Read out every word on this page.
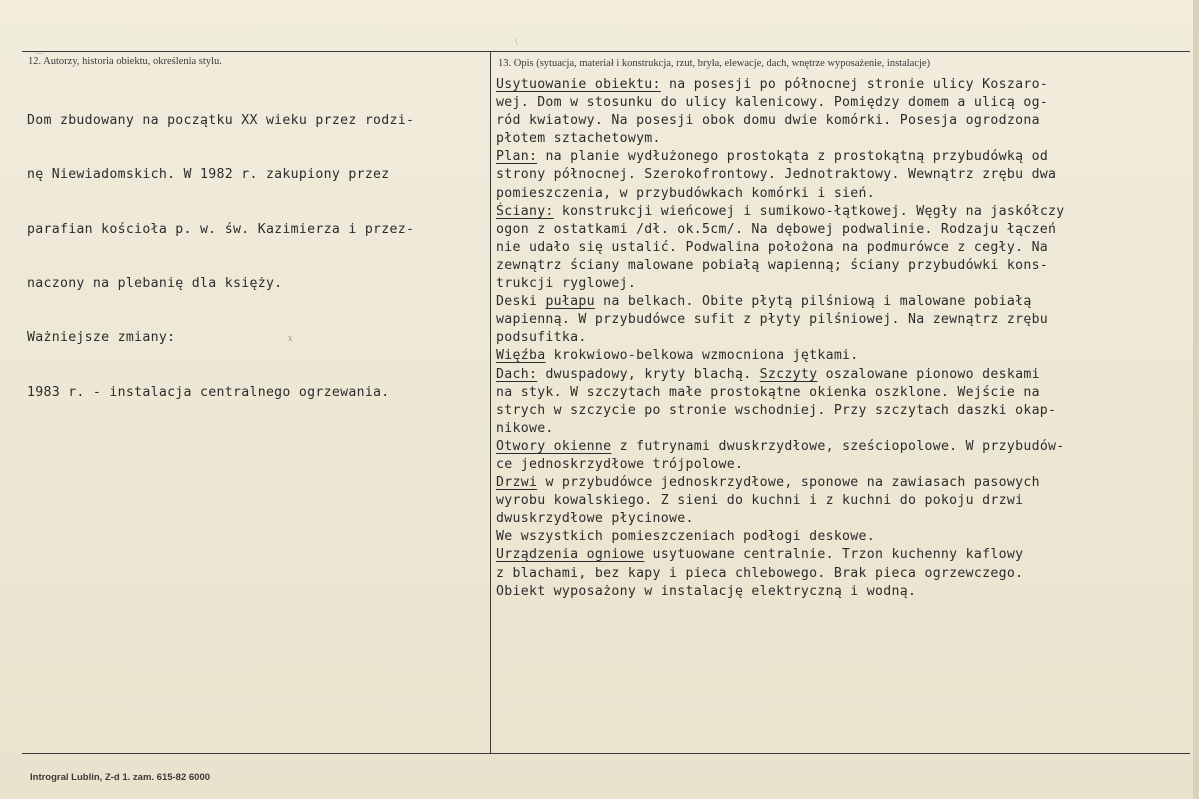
‿
\
x
12. Autorzy, historia obiektu, określenia stylu.	13. Opis (sytuacja, materiał i konstrukcja, rzut, bryła, elewacje, dach, wnętrze wyposażenie, instalacje)

Dom zbudowany na początku XX wieku przez rodzi-

nę Niewiadomskich. W 1982 r. zakupiony przez

parafian kościoła p. w. św. Kazimierza i przez-

naczony na plebanię dla księży.

Ważniejsze zmiany:

1983 r. - instalacja centralnego ogrzewania.

Usytuowanie obiektu: na posesji po północnej stronie ulicy Koszaro-
wej. Dom w stosunku do ulicy kalenicowy. Pomiędzy domem a ulicą og-
ród kwiatowy. Na posesji obok domu dwie komórki. Posesja ogrodzona
płotem sztachetowym.
Plan: na planie wydłużonego prostokąta z prostokątną przybudówką od
strony północnej. Szerokofrontowy. Jednotraktowy. Wewnątrz zrębu dwa
pomieszczenia, w przybudówkach komórki i sień.
Ściany: konstrukcji wieńcowej i sumikowo-łątkowej. Węgły na jaskółczy
ogon z ostatkami /dł. ok.5cm/. Na dębowej podwalinie. Rodzaju łączeń
nie udało się ustalić. Podwalina położona na podmurówce z cegły. Na
zewnątrz ściany malowane pobiałą wapienną; ściany przybudówki kons-
trukcji ryglowej.
Deski pułapu na belkach. Obite płytą pilśniową i malowane pobiałą
wapienną. W przybudówce sufit z płyty pilśniowej. Na zewnątrz zrębu
podsufitka.
Więźba krokwiowo-belkowa wzmocniona jętkami.
Dach: dwuspadowy, kryty blachą. Szczyty oszalowane pionowo deskami
na styk. W szczytach małe prostokątne okienka oszklone. Wejście na
strych w szczycie po stronie wschodniej. Przy szczytach daszki okap-
nikowe.
Otwory okienne z futrynami dwuskrzydłowe, sześciopolowe. W przybudów-
ce jednoskrzydłowe trójpolowe.
Drzwi w przybudówce jednoskrzydłowe, sponowe na zawiasach pasowych
wyrobu kowalskiego. Z sieni do kuchni i z kuchni do pokoju drzwi
dwuskrzydłowe płycinowe.
We wszystkich pomieszczeniach podłogi deskowe.
Urządzenia ogniowe usytuowane centralnie. Trzon kuchenny kaflowy
z blachami, bez kapy i pieca chlebowego. Brak pieca ogrzewczego.
Obiekt wyposażony w instalację elektryczną i wodną.
Introgral Lublin, Z-d 1. zam. 615-82 6000
